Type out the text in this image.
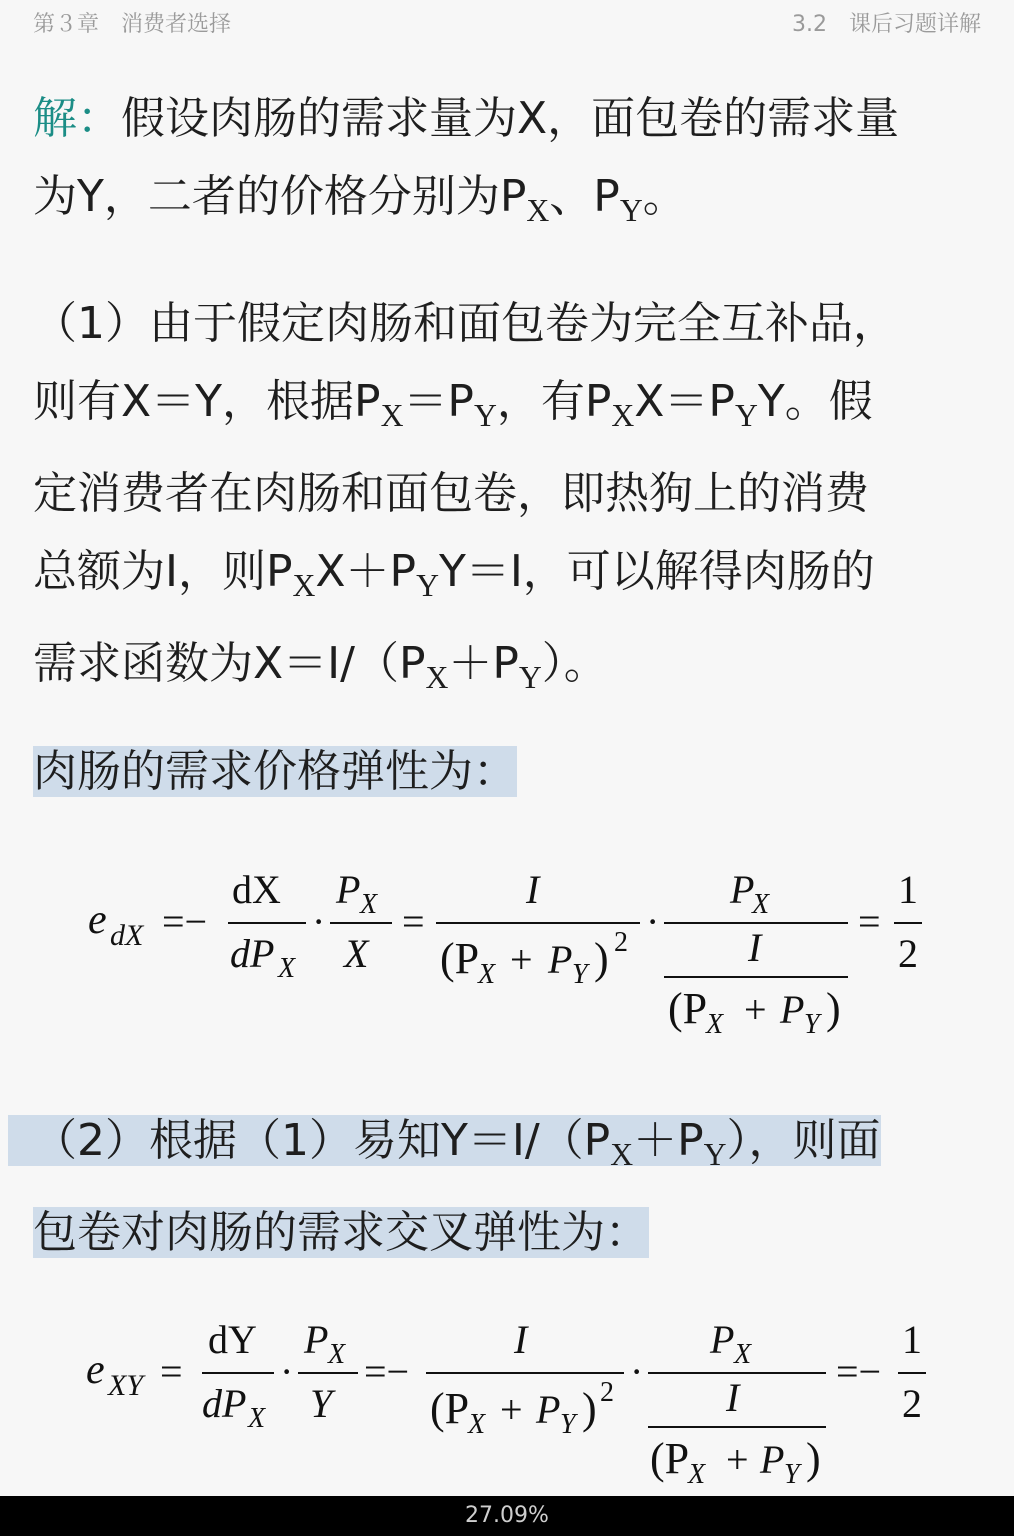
第３章　消费者选择	3.2　课后习题详解
解：假设肉肠的需求量为X，面包卷的需求量
为Y，二者的价格分别为$P_X$、$P_Y$。
（1）由于假定肉肠和面包卷为完全互补品，
则有X＝Y，根据$P_X=P_Y$，有$P_XX=P_YY$。假
定消费者在肉肠和面包卷，即热狗上的消费
总额为I，则$P_XX+P_YY=I$，可以解得肉肠的
需求函数为$X=I/(P_X+P_Y)$。
肉肠的需求价格弹性为：
e dX =−
dX
dP X
·
P X
X
=
I
(P
X + P Y ) 2 ·
P
X
I
(P
X + P Y )
=
1
2
（2）根据（1）易知$Y=I/(P_X+P_Y)$，则面
包卷对肉肠的需求交叉弹性为：
e XY =
dY
dP X
·
P X
Y
=−
I
(P
X + P Y ) 2 ·
P X
I
(P
X + P Y )
=−
1
2
27.09%
